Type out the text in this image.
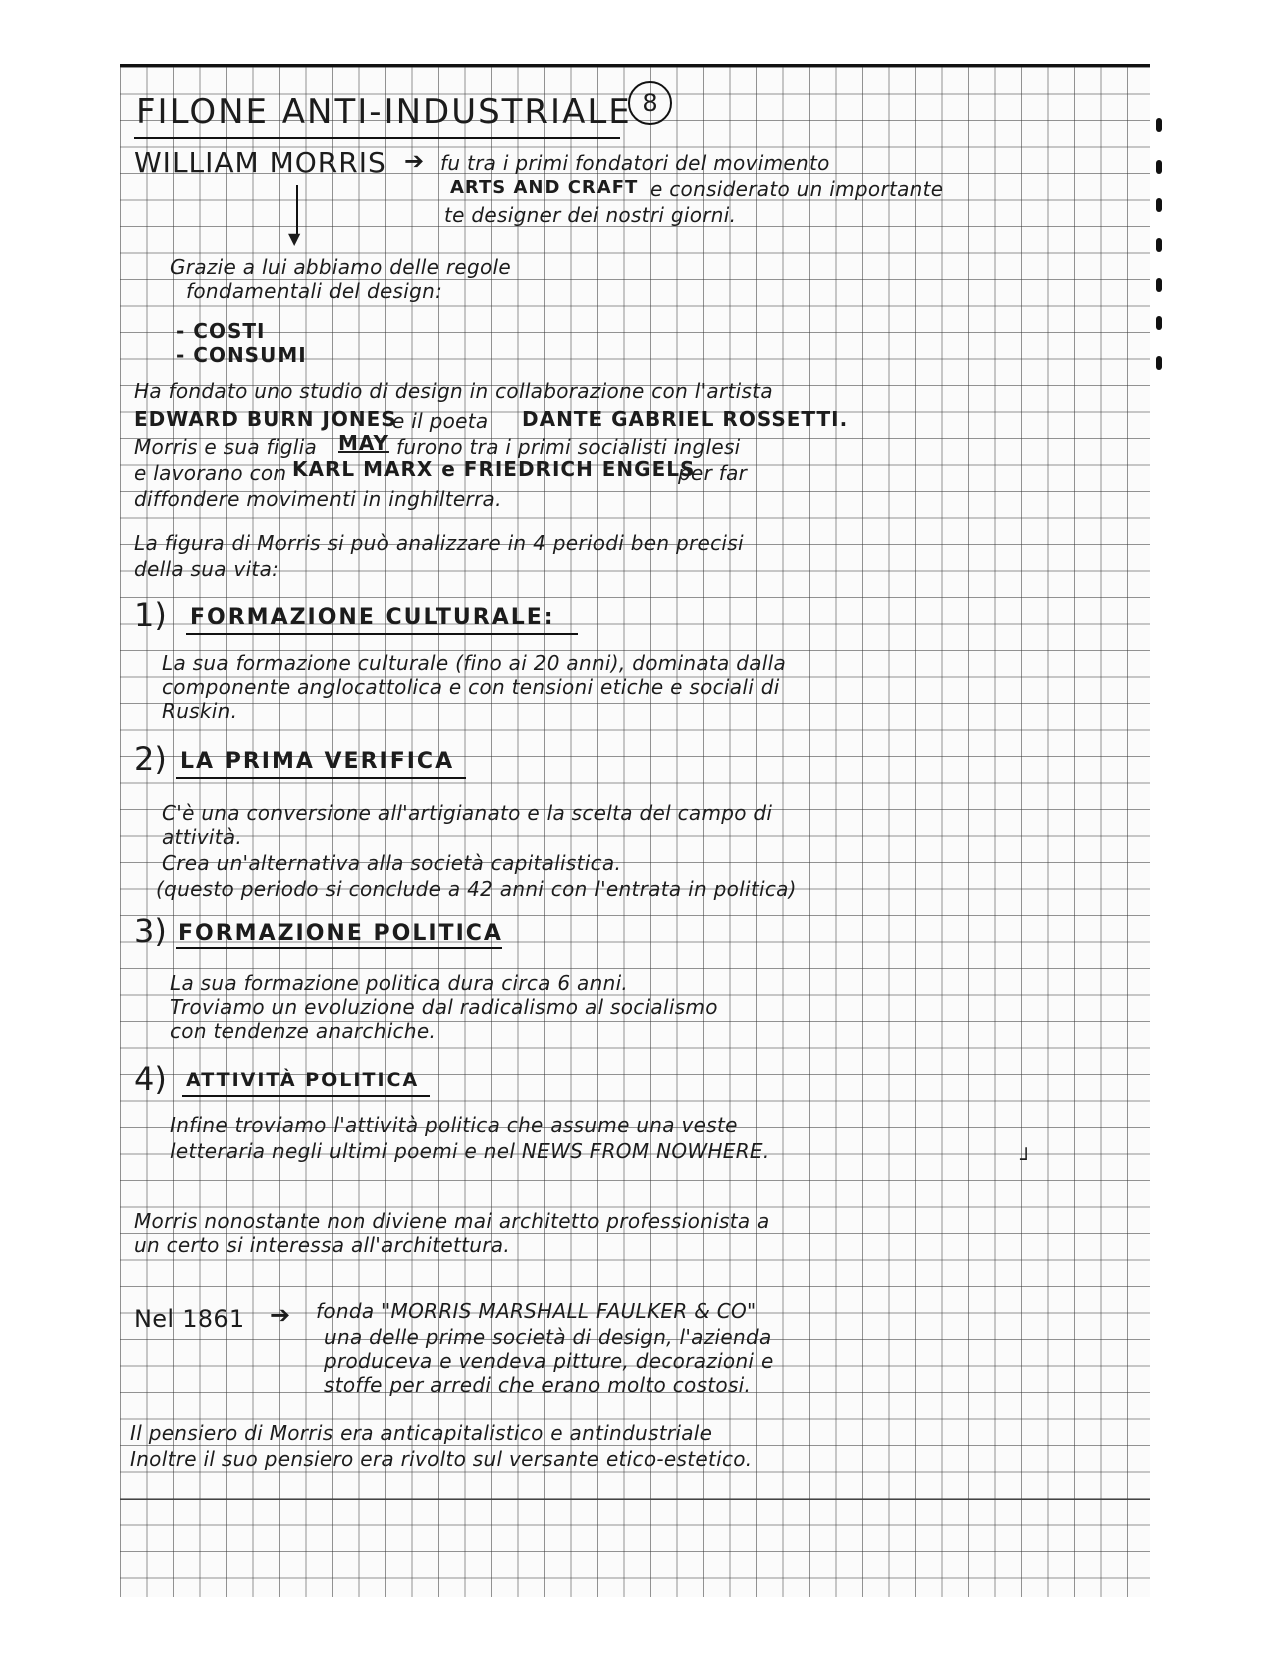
FILONE ANTI-INDUSTRIALE 8
WILLIAM MORRIS ➔ fu tra i primi fondatori del movimento
ARTS AND CRAFT e considerato un importante
te designer dei nostri giorni.
▼
Grazie a lui abbiamo delle regole
fondamentali del design:
- COSTI
- CONSUMI
Ha fondato uno studio di design in collaborazione con l'artista
EDWARD BURN JONES
e il poeta DANTE GABRIEL ROSSETTI.
Morris e sua figlia MAY furono tra i primi socialisti inglesi
e lavorano con KARL MARX e FRIEDRICH ENGELS
per far
diffondere movimenti in inghilterra.
La figura di Morris si può analizzare in 4 periodi ben precisi
della sua vita:
1) FORMAZIONE CULTURALE:
La sua formazione culturale (fino ai 20 anni), dominata dalla
componente anglocattolica e con tensioni etiche e sociali di
Ruskin.
2) LA PRIMA VERIFICA
C'è una conversione all'artigianato e la scelta del campo di
attività.
Crea un'alternativa alla società capitalistica.
(questo periodo si conclude a 42 anni con l'entrata in politica)
3) FORMAZIONE POLITICA
La sua formazione politica dura circa 6 anni.
Troviamo un evoluzione dal radicalismo al socialismo
con tendenze anarchiche.
4) ATTIVITÀ POLITICA
Infine troviamo l'attività politica che assume una veste
letteraria negli ultimi poemi e nel NEWS FROM NOWHERE.	┘
Morris nonostante non diviene mai architetto professionista a
un certo si interessa all'architettura.
Nel 1861 ➔ fonda "MORRIS MARSHALL FAULKER & CO"
una delle prime società di design, l'azienda
produceva e vendeva pitture, decorazioni e
stoffe per arredi che erano molto costosi.
Il pensiero di Morris era anticapitalistico e antindustriale
Inoltre il suo pensiero era rivolto sul versante etico-estetico.
